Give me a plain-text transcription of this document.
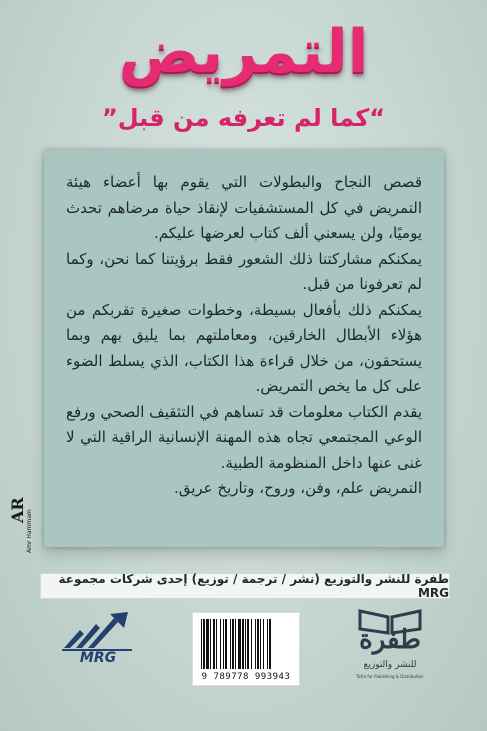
التمريض
“كما لم تعرفه من قبل”

قصص النجاح والبطولات التي يقوم بها أعضاء هيئة التمريض في كل المستشفيات لإنقاذ حياة مرضاهم تحدث يوميًا، ولن يسعني ألف كتاب لعرضها عليكم.

يمكنكم مشاركتنا ذلك الشعور فقط برؤيتنا كما نحن، وكما لم تعرفونا من قبل.

يمكنكم ذلك بأفعال بسيطة، وخطوات صغيرة تقربكم من هؤلاء الأبطال الخارقين، ومعاملتهم بما يليق بهم وبما يستحقون، من خلال قراءة هذا الكتاب، الذي يسلط الضوء على كل ما يخص التمريض.

يقدم الكتاب معلومات قد تساهم في التثقيف الصحي ورفع الوعي المجتمعي تجاه هذه المهنة الإنسانية الراقية التي لا غنى عنها داخل المنظومة الطبية.

التمريض علم، وفن، وروح، وتاريخ عريق.

AR Amr Hammam
طفرة للنشر والتوزيع (نشر / ترجمة / توزيع) إحدى شركات مجموعة MRG
MRG
9 789778 993943
طفرة
للنشر والتوزيع
Tafra for Publishing & Distribution
